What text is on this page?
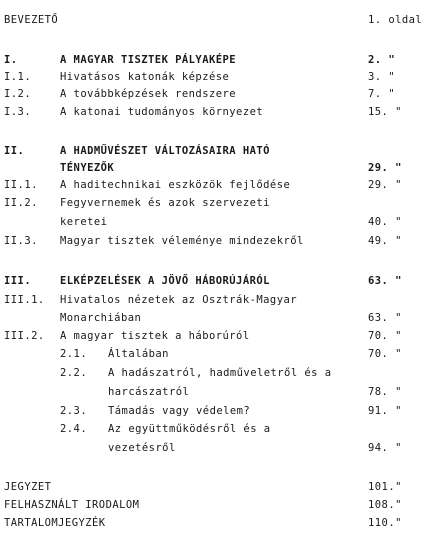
BEVEZETŐ	1. oldal
I.	A MAGYAR TISZTEK PÁLYAKÉPE	2. "
I.1.	Hivatásos katonák képzése	3. "
I.2.	A továbbképzések rendszere	7. "
I.3.	A katonai tudományos környezet	15. "
II.	A HADMŰVÉSZET VÁLTOZÁSAIRA HATÓ
TÉNYEZŐK	29. "
II.1. A haditechnikai eszközök fejlődése	29. "
II.2. Fegyvernemek és azok szervezeti
keretei	40. "
II.3. Magyar tisztek véleménye mindezekről	49. "
III.	ELKÉPZELÉSEK A JÖVŐ HÁBORÚJÁRÓL	63. "
III.1. Hivatalos nézetek az Osztrák-Magyar
Monarchiában	63. "
III.2. A magyar tisztek a háborúról	70. "
2.1. Általában	70. "
2.2. A hadászatról, hadműveletről és a
harcászatról	78. "
2.3. Támadás vagy védelem?	91. "
2.4. Az együttműködésről és a
vezetésről	94. "
JEGYZET	101."
FELHASZNÁLT IRODALOM	108."
TARTALOMJEGYZÉK	110."
